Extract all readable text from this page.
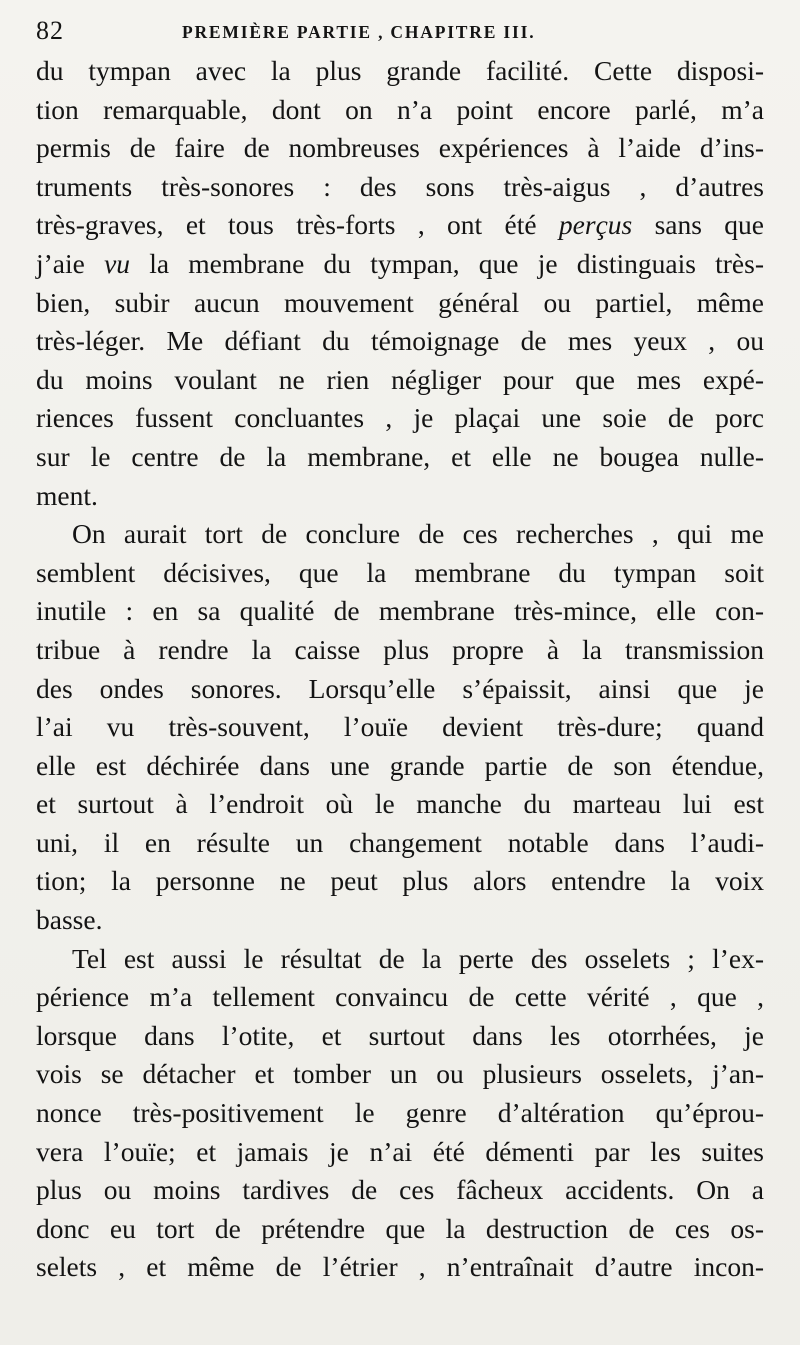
82	PREMIÈRE PARTIE , CHAPITRE III.
du tympan avec la plus grande facilité. Cette disposi-
tion remarquable, dont on n’a point encore parlé, m’a
permis de faire de nombreuses expériences à l’aide d’ins-
truments très-sonores : des sons très-aigus , d’autres
très-graves, et tous très-forts , ont été perçus sans que
j’aie vu la membrane du tympan, que je distinguais très-
bien, subir aucun mouvement général ou partiel, même
très-léger. Me défiant du témoignage de mes yeux , ou
du moins voulant ne rien négliger pour que mes expé-
riences fussent concluantes , je plaçai une soie de porc
sur le centre de la membrane, et elle ne bougea nulle-
ment.
On aurait tort de conclure de ces recherches , qui me
semblent décisives, que la membrane du tympan soit
inutile : en sa qualité de membrane très-mince, elle con-
tribue à rendre la caisse plus propre à la transmission
des ondes sonores. Lorsqu’elle s’épaissit, ainsi que je
l’ai vu très-souvent, l’ouïe devient très-dure; quand
elle est déchirée dans une grande partie de son étendue,
et surtout à l’endroit où le manche du marteau lui est
uni, il en résulte un changement notable dans l’audi-
tion; la personne ne peut plus alors entendre la voix
basse.
Tel est aussi le résultat de la perte des osselets ; l’ex-
périence m’a tellement convaincu de cette vérité , que ,
lorsque dans l’otite, et surtout dans les otorrhées, je
vois se détacher et tomber un ou plusieurs osselets, j’an-
nonce très-positivement le genre d’altération qu’éprou-
vera l’ouïe; et jamais je n’ai été démenti par les suites
plus ou moins tardives de ces fâcheux accidents. On a
donc eu tort de prétendre que la destruction de ces os-
selets , et même de l’étrier , n’entraînait d’autre incon-
